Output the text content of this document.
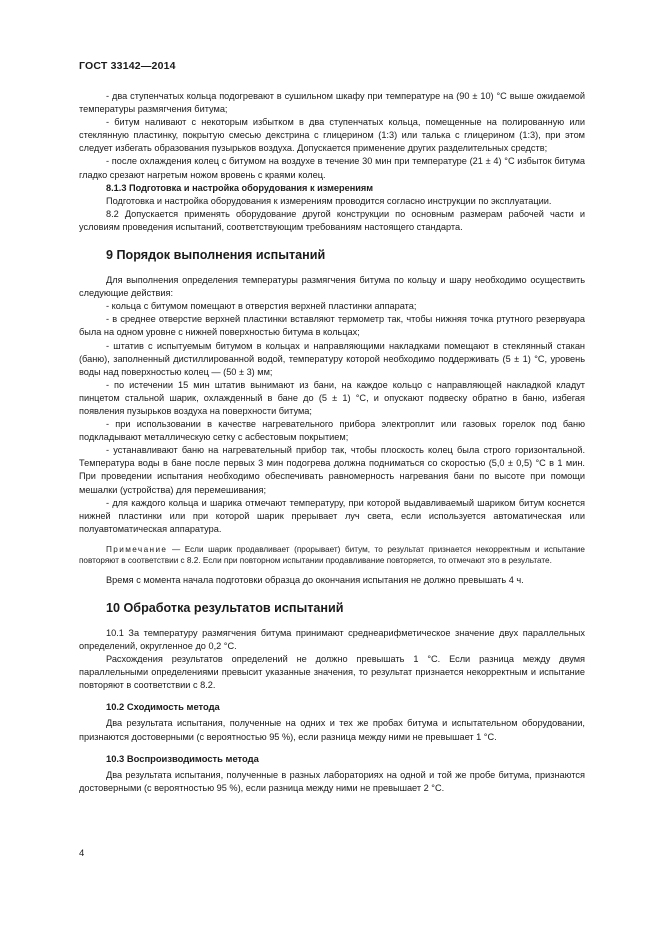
ГОСТ 33142—2014

- два ступенчатых кольца подогревают в сушильном шкафу при температуре на (90 ± 10) °С выше ожидаемой температуры размягчения битума;

- битум наливают с некоторым избытком в два ступенчатых кольца, помещенные на полированную или стеклянную пластинку, покрытую смесью декстрина с глицерином (1:3) или талька с глицерином (1:3), при этом следует избегать образования пузырьков воздуха. Допускается применение других разделительных средств;

- после охлаждения колец с битумом на воздухе в течение 30 мин при температуре (21 ± 4) °С избыток битума гладко срезают нагретым ножом вровень с краями колец.

8.1.3 Подготовка и настройка оборудования к измерениям

Подготовка и настройка оборудования к измерениям проводится согласно инструкции по эксплуатации.

8.2 Допускается применять оборудование другой конструкции по основным размерам рабочей части и условиям проведения испытаний, соответствующим требованиям настоящего стандарта.

9 Порядок выполнения испытаний

Для выполнения определения температуры размягчения битума по кольцу и шару необходимо осуществить следующие действия:

- кольца с битумом помещают в отверстия верхней пластинки аппарата;

- в среднее отверстие верхней пластинки вставляют термометр так, чтобы нижняя точка ртутного резервуара была на одном уровне с нижней поверхностью битума в кольцах;

- штатив с испытуемым битумом в кольцах и направляющими накладками помещают в стеклянный стакан (баню), заполненный дистиллированной водой, температуру которой необходимо поддерживать (5 ± 1) °С, уровень воды над поверхностью колец — (50 ± 3) мм;

- по истечении 15 мин штатив вынимают из бани, на каждое кольцо с направляющей накладкой кладут пинцетом стальной шарик, охлажденный в бане до (5 ± 1) °С, и опускают подвеску обратно в баню, избегая появления пузырьков воздуха на поверхности битума;

- при использовании в качестве нагревательного прибора электроплит или газовых горелок под баню подкладывают металлическую сетку с асбестовым покрытием;

- устанавливают баню на нагревательный прибор так, чтобы плоскость колец была строго горизонтальной. Температура воды в бане после первых 3 мин подогрева должна подниматься со скоростью (5,0 ± 0,5) °С в 1 мин. При проведении испытания необходимо обеспечивать равномерность нагревания бани по высоте при помощи мешалки (устройства) для перемешивания;

- для каждого кольца и шарика отмечают температуру, при которой выдавливаемый шариком битум коснется нижней пластинки или при которой шарик прерывает луч света, если используется автоматическая или полуавтоматическая аппаратура.

Примечание — Если шарик продавливает (прорывает) битум, то результат признается некорректным и испытание повторяют в соответствии с 8.2. Если при повторном испытании продавливание повторяется, то отмечают это в результате.

Время с момента начала подготовки образца до окончания испытания не должно превышать 4 ч.

10 Обработка результатов испытаний

10.1 За температуру размягчения битума принимают среднеарифметическое значение двух параллельных определений, округленное до 0,2 °С.

Расхождения результатов определений не должно превышать 1 °С. Если разница между двумя параллельными определениями превысит указанные значения, то результат признается некорректным и испытание повторяют в соответствии с 8.2.

10.2 Сходимость метода

Два результата испытания, полученные на одних и тех же пробах битума и испытательном оборудовании, признаются достоверными (с вероятностью 95 %), если разница между ними не превышает 1 °С.

10.3 Воспроизводимость метода

Два результата испытания, полученные в разных лабораториях на одной и той же пробе битума, признаются достоверными (с вероятностью 95 %), если разница между ними не превышает 2 °С.

4
